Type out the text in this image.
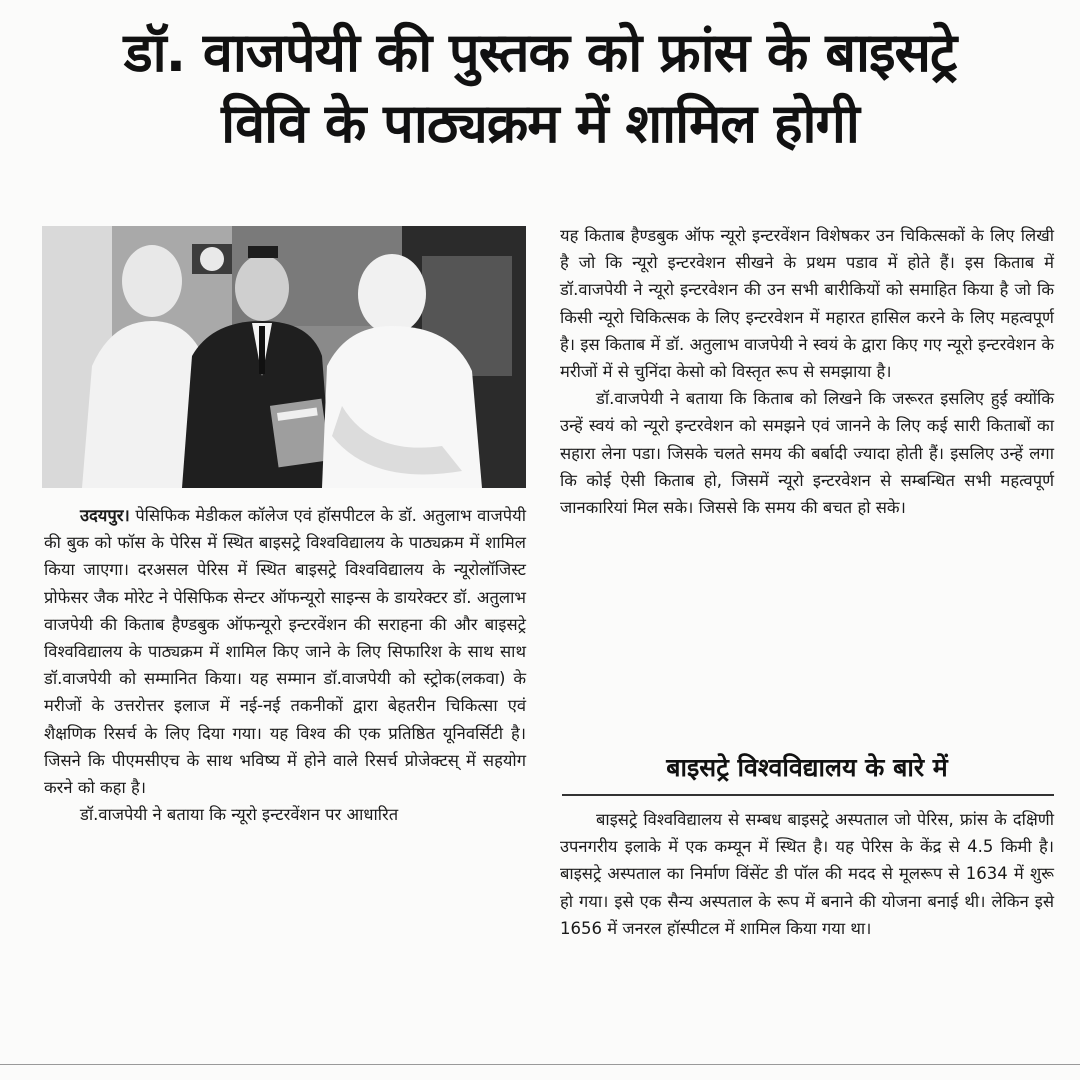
डॉ. वाजपेयी की पुस्तक को फ्रांस के बाइसट्रे
विवि के पाठ्यक्रम में शामिल होगी

उदयपुर। पेसिफिक मेडीकल कॉलेज एवं हॉसपीटल के डॉ. अतुलाभ वाजपेयी की बुक को फॉस के पेरिस में स्थित बाइसट्रे विश्वविद्यालय के पाठ्यक्रम में शामिल किया जाएगा। दरअसल पेरिस में स्थित बाइसट्रे विश्वविद्यालय के न्यूरोलॉजिस्ट प्रोफेसर जैक मोरेट ने पेसिफिक सेन्टर ऑफन्यूरो साइन्स के डायरेक्टर डॉ. अतुलाभ वाजपेयी की किताब हैण्डबुक ऑफन्यूरो इन्टरवेंशन की सराहना की और बाइसट्रे विश्वविद्यालय के पाठ्यक्रम में शामिल किए जाने के लिए सिफारिश के साथ साथ डॉ.वाजपेयी को सम्मानित किया। यह सम्मान डॉ.वाजपेयी को स्ट्रोक(लकवा) के मरीजों के उत्तरोत्तर इलाज में नई-नई तकनीकों द्वारा बेहतरीन चिकित्सा एवं शैक्षणिक रिसर्च के लिए दिया गया। यह विश्व की एक प्रतिष्ठित यूनिवर्सिटी है। जिसने कि पीएमसीएच के साथ भविष्य में होने वाले रिसर्च प्रोजेक्टस् में सहयोग करने को कहा है।

डॉ.वाजपेयी ने बताया कि न्यूरो इन्टरवेंशन पर आधारित

यह किताब हैण्डबुक ऑफ न्यूरो इन्टरवेंशन विशेषकर उन चिकित्सकों के लिए लिखी है जो कि न्यूरो इन्टरवेशन सीखने के प्रथम पडाव में होते हैं। इस किताब में डॉ.वाजपेयी ने न्यूरो इन्टरवेशन की उन सभी बारीकियों को समाहित किया है जो कि किसी न्यूरो चिकित्सक के लिए इन्टरवेशन में महारत हासिल करने के लिए महत्वपूर्ण है। इस किताब में डॉ. अतुलाभ वाजपेयी ने स्वयं के द्वारा किए गए न्यूरो इन्टरवेशन के मरीजों में से चुनिंदा केसो को विस्तृत रूप से समझाया है।

डॉ.वाजपेयी ने बताया कि किताब को लिखने कि जरूरत इसलिए हुई क्योंकि उन्हें स्वयं को न्यूरो इन्टरवेशन को समझने एवं जानने के लिए कई सारी किताबों का सहारा लेना पडा। जिसके चलते समय की बर्बादी ज्यादा होती हैं। इसलिए उन्हें लगा कि कोई ऐसी किताब हो, जिसमें न्यूरो इन्टरवेशन से सम्बन्धित सभी महत्वपूर्ण जानकारियां मिल सके। जिससे कि समय की बचत हो सके।

बाइसट्रे विश्वविद्यालय के बारे में

बाइसट्रे विश्वविद्यालय से सम्बध बाइसट्रे अस्पताल जो पेरिस, फ्रांस के दक्षिणी उपनगरीय इलाके में एक कम्यून में स्थित है। यह पेरिस के केंद्र से 4.5 किमी है। बाइसट्रे अस्पताल का निर्माण विंसेंट डी पॉल की मदद से मूलरूप से 1634 में शुरू हो गया। इसे एक सैन्य अस्पताल के रूप में बनाने की योजना बनाई थी। लेकिन इसे 1656 में जनरल हॉस्पीटल में शामिल किया गया था।
